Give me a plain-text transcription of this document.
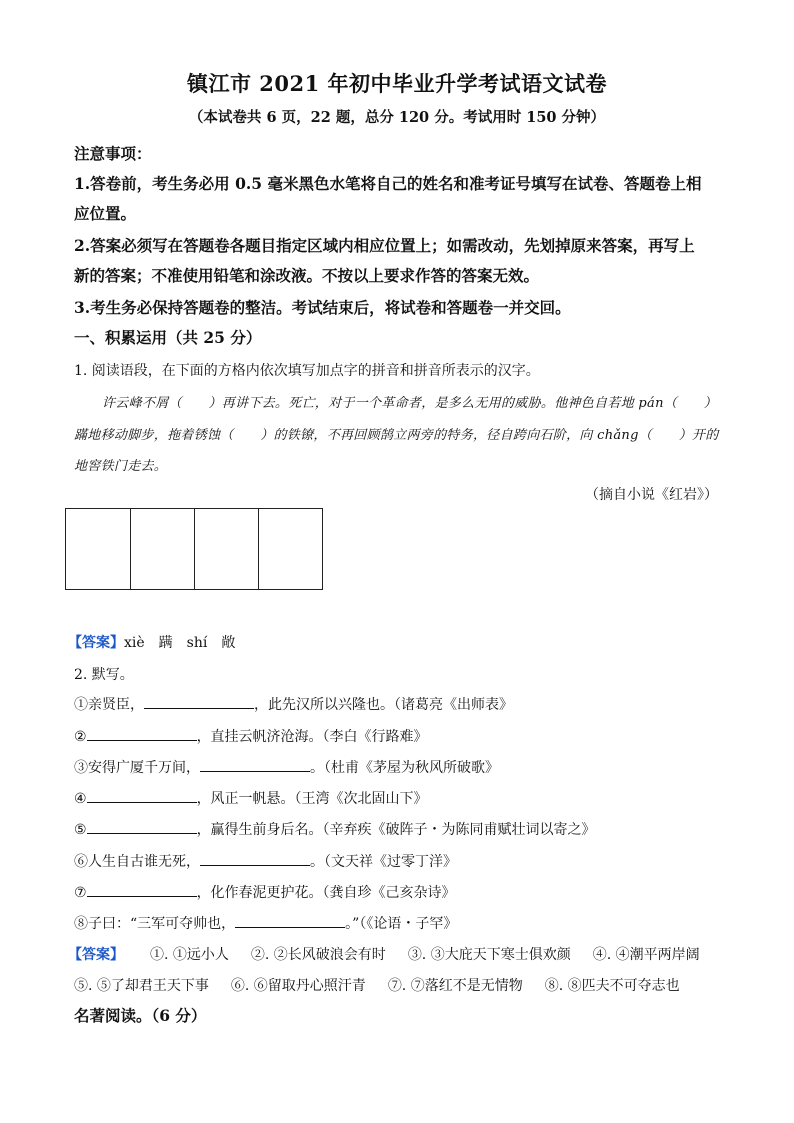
镇江市 2021 年初中毕业升学考试语文试卷
（本试卷共 6 页，22 题，总分 120 分。考试用时 150 分钟）
注意事项：
1.答卷前，考生务必用 0.5 毫米黑色水笔将自己的姓名和准考证号填写在试卷、答题卷上相
应位置。
2.答案必须写在答题卷各题目指定区域内相应位置上；如需改动，先划掉原来答案，再写上
新的答案；不准使用铅笔和涂改液。不按以上要求作答的答案无效。
3.考生务必保持答题卷的整洁。考试结束后，将试卷和答题卷一并交回。
一、积累运用（共 25 分）
1. 阅读语段，在下面的方格内依次填写加点字的拼音和拼音所表示的汉字。
许云峰不屑（　　）再讲下去。死亡，对于一个革命者，是多么无用的威胁。他神色自若地 pán（　　）
蹣地移动脚步，拖着锈蚀（　　）的铁镣，不再回顾鹄立两旁的特务，径自跨向石阶，向 chǎng（　　）开的
地窖铁门走去。
（摘自小说《红岩》）
【答案】xiè　蹒　shí　敞
2. 默写。
①亲贤臣，	，此先汉所以兴隆也。（诸葛亮《出师表》
②	，直挂云帆济沧海。（李白《行路难》
③安得广厦千万间，	。（杜甫《茅屋为秋风所破歌》
④	，风正一帆悬。（王湾《次北固山下》
⑤	，赢得生前身后名。（辛弃疾《破阵子・为陈同甫赋壮词以寄之》
⑥人生自古谁无死，	。（文天祥《过零丁洋》
⑦	，化作春泥更护花。（龚自珍《己亥杂诗》
⑧子曰：“三军可夺帅也，	。”（《论语・子罕》
【答案】 ①. ①远小人 ②. ②长风破浪会有时 ③. ③大庇天下寒士俱欢颜 ④. ④潮平两岸阔
⑤. ⑤了却君王天下事 ⑥. ⑥留取丹心照汗青 ⑦. ⑦落红不是无情物 ⑧. ⑧匹夫不可夺志也
名著阅读。（6 分）
